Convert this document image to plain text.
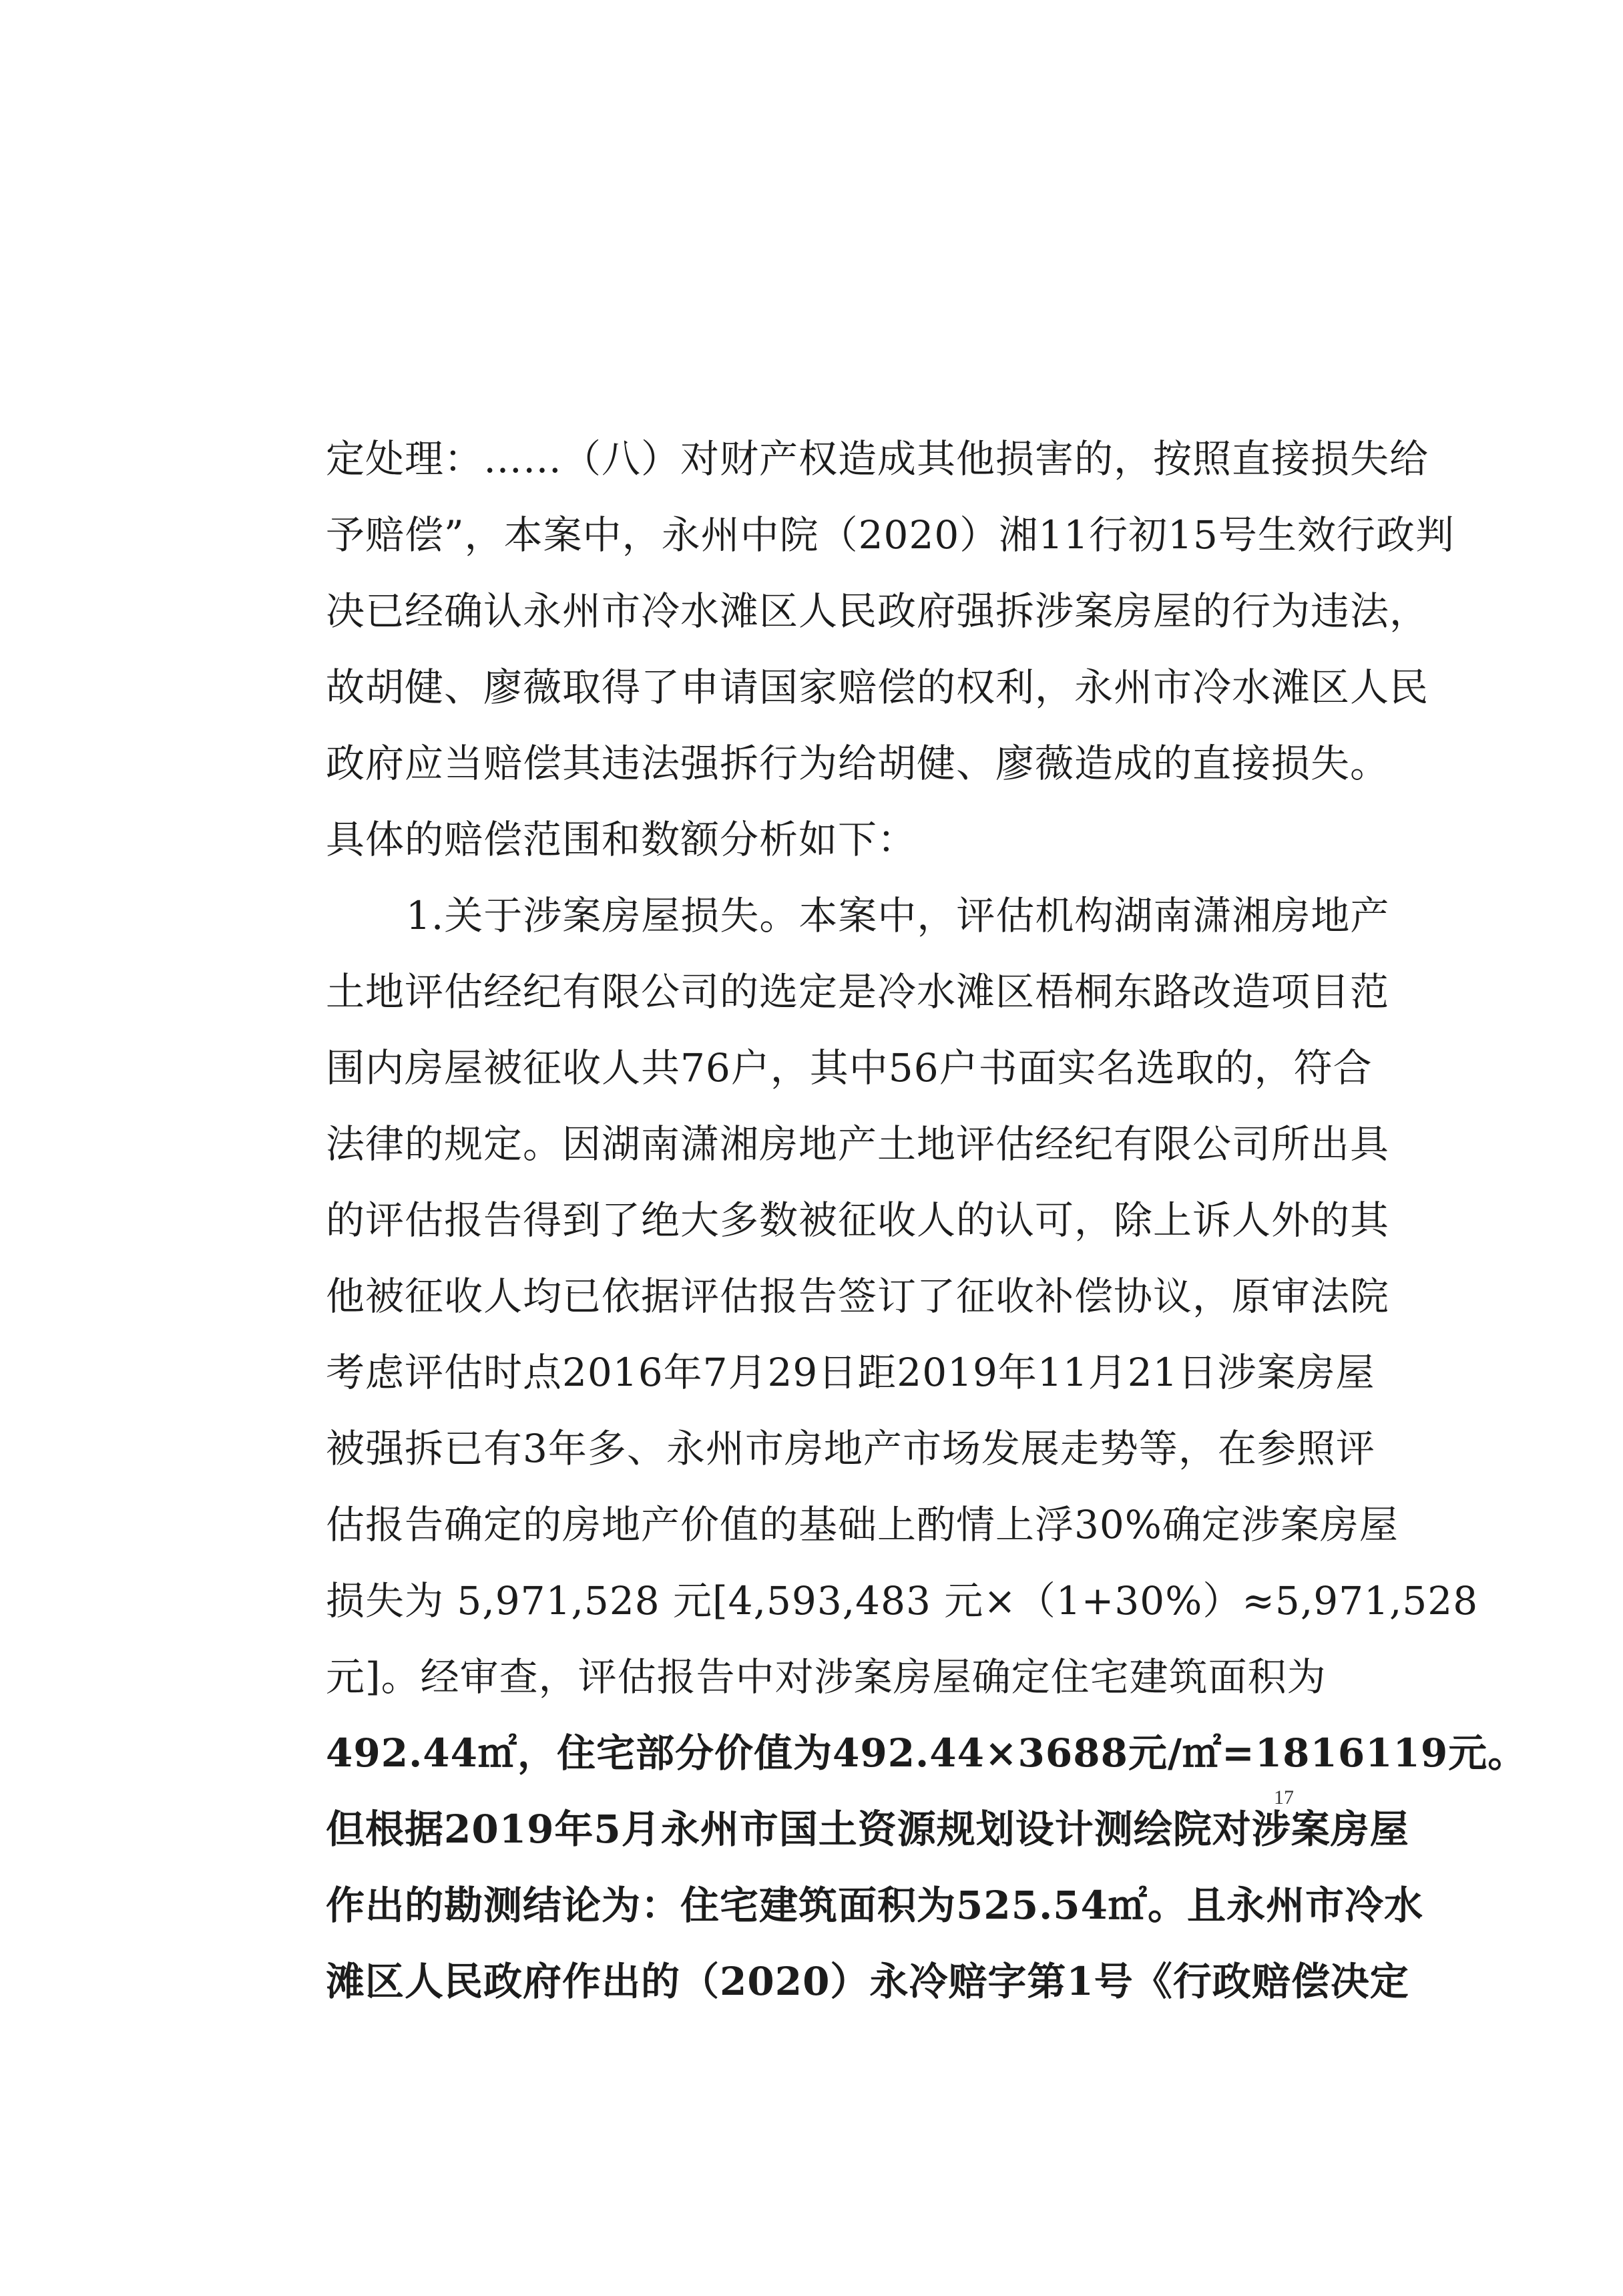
定处理：……（八）对财产权造成其他损害的，按照直接损失给
予赔偿”，本案中，永州中院（2020）湘11行初15号生效行政判
决已经确认永州市冷水滩区人民政府强拆涉案房屋的行为违法，
故胡健、廖薇取得了申请国家赔偿的权利，永州市冷水滩区人民
政府应当赔偿其违法强拆行为给胡健、廖薇造成的直接损失。
具体的赔偿范围和数额分析如下：
1.关于涉案房屋损失。本案中，评估机构湖南潇湘房地产
土地评估经纪有限公司的选定是冷水滩区梧桐东路改造项目范
围内房屋被征收人共76户，其中56户书面实名选取的，符合
法律的规定。因湖南潇湘房地产土地评估经纪有限公司所出具
的评估报告得到了绝大多数被征收人的认可，除上诉人外的其
他被征收人均已依据评估报告签订了征收补偿协议，原审法院
考虑评估时点2016年7月29日距2019年11月21日涉案房屋
被强拆已有3年多、永州市房地产市场发展走势等，在参照评
估报告确定的房地产价值的基础上酌情上浮30%确定涉案房屋
损失为 5,971,528 元[4,593,483 元×（1+30%）≈5,971,528
元]。经审查，评估报告中对涉案房屋确定住宅建筑面积为
492.44㎡，住宅部分价值为492.44×3688元/㎡=1816119元。
但根据2019年5月永州市国土资源规划设计测绘院对涉案房屋
作出的勘测结论为：住宅建筑面积为525.54㎡。且永州市冷水
滩区人民政府作出的（2020）永冷赔字第1号《行政赔偿决定
17
